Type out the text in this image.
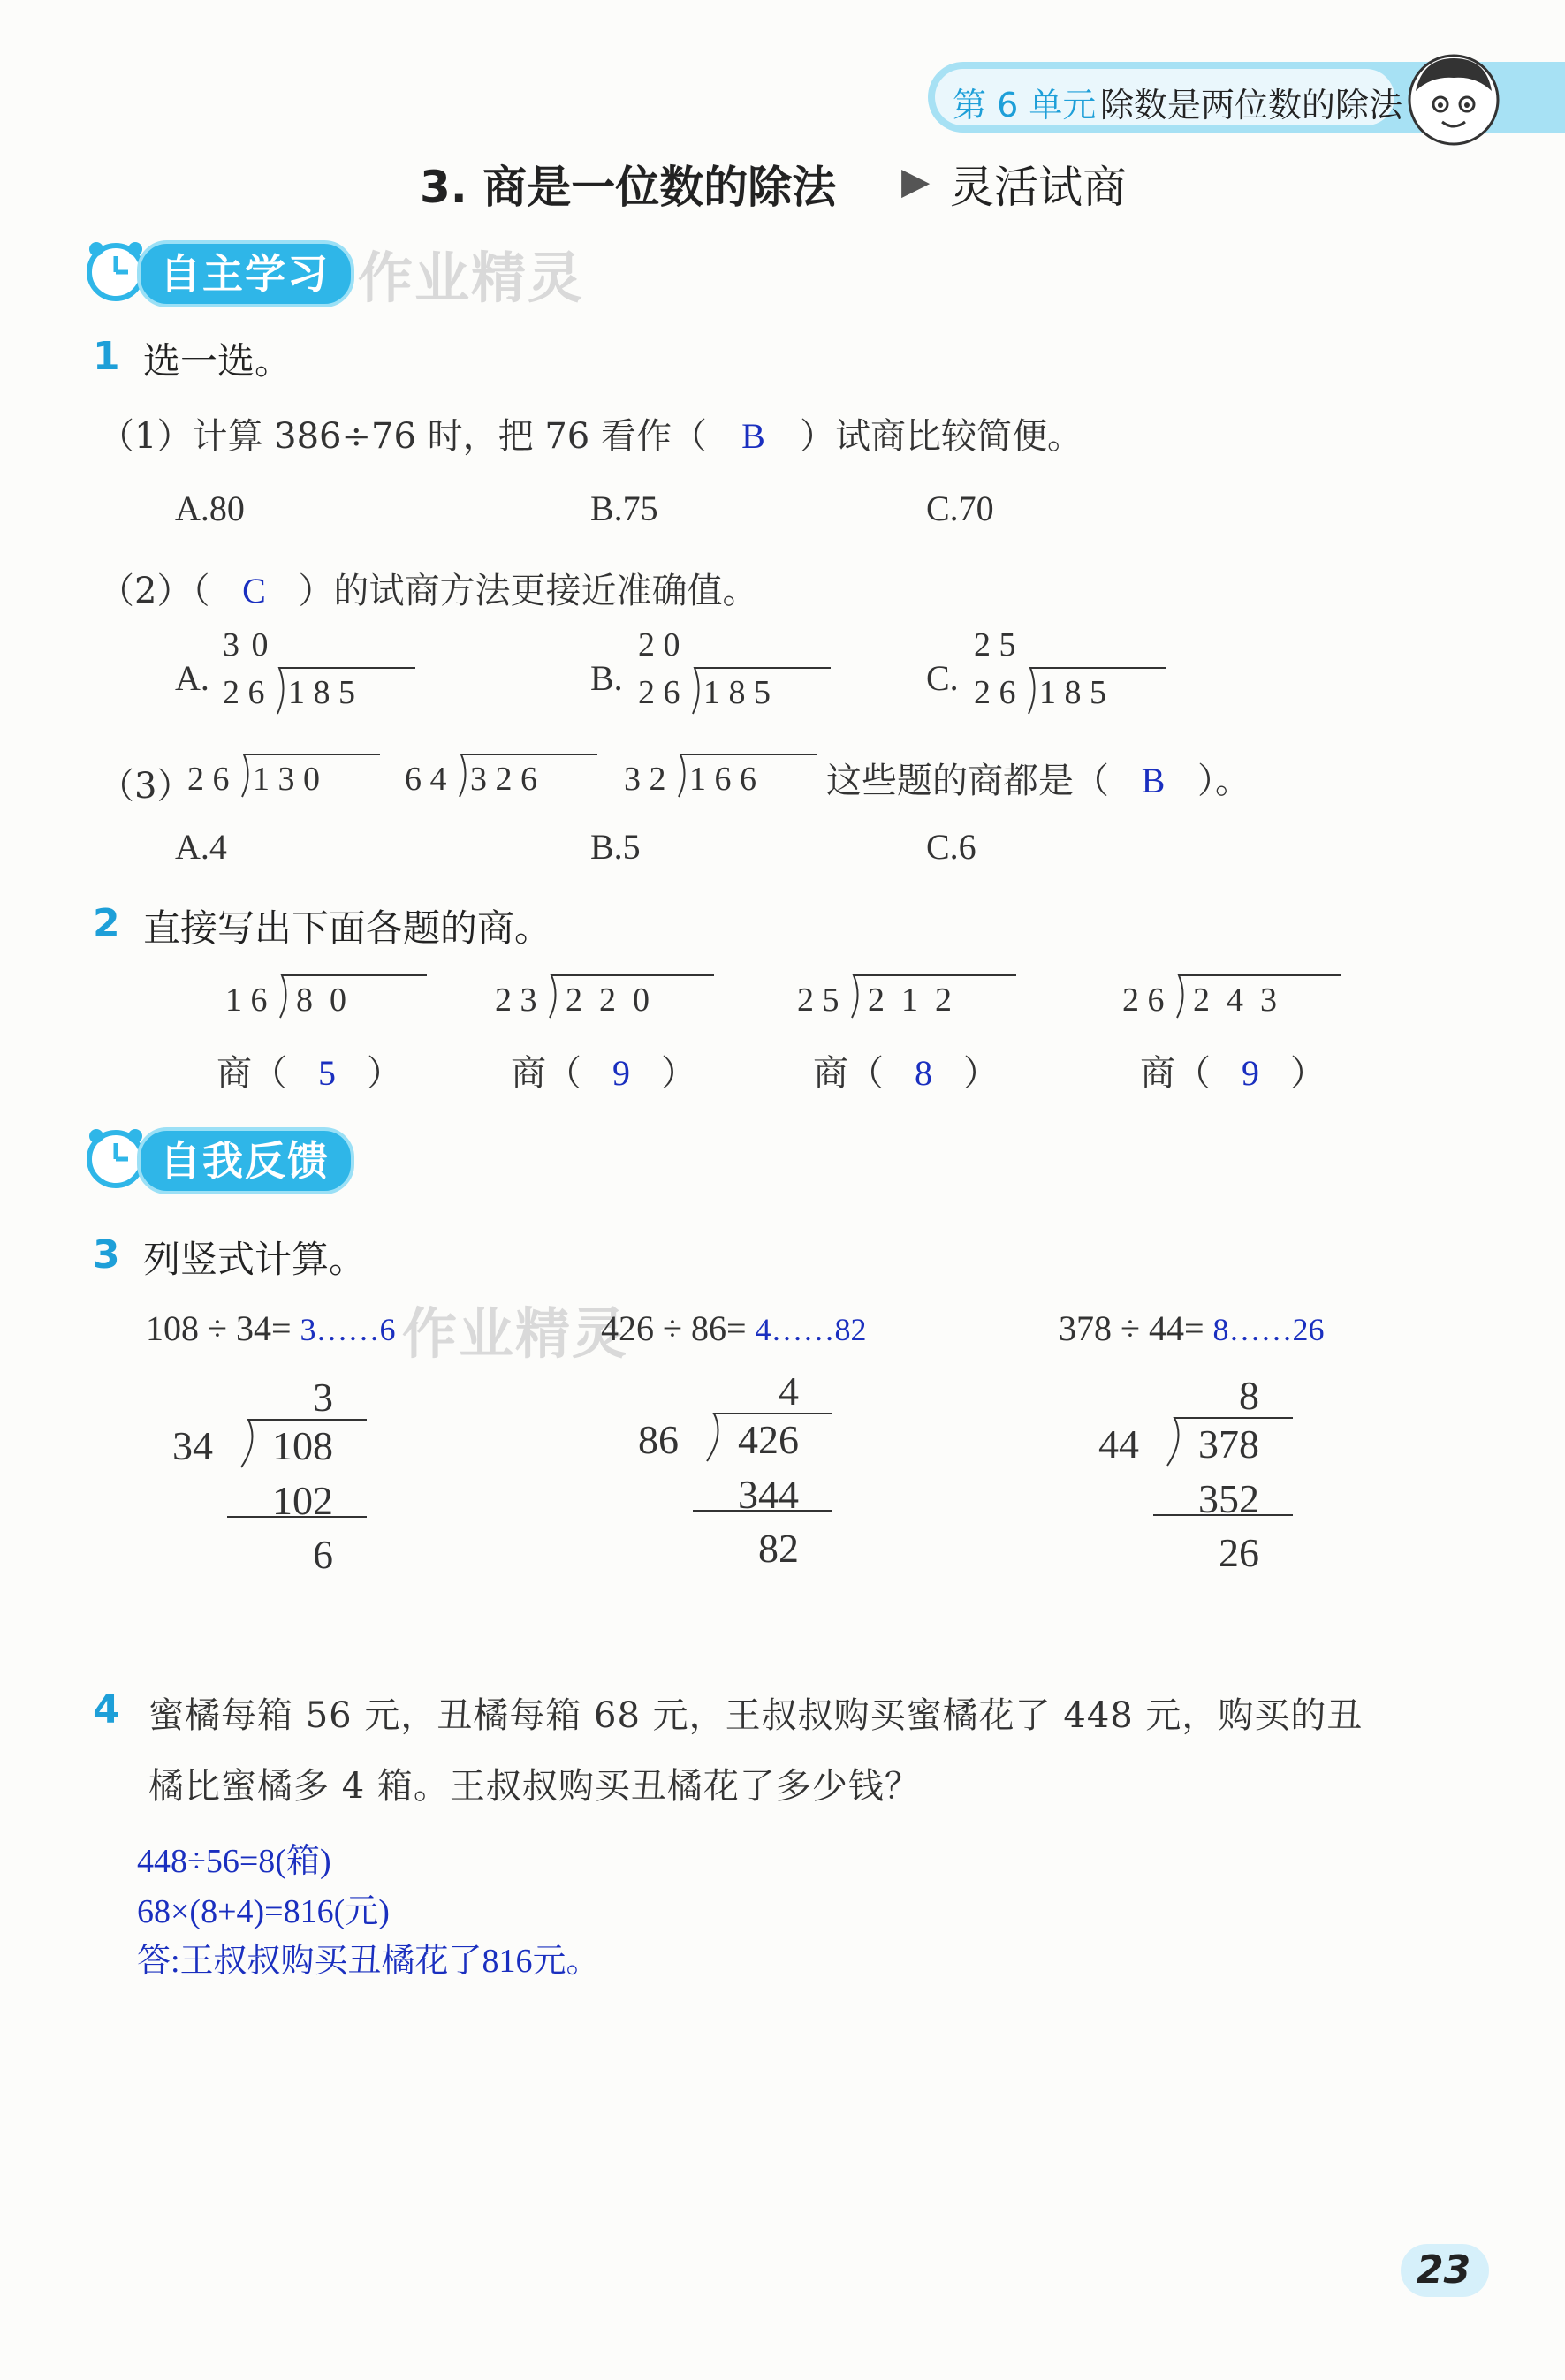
第 6 单元 除数是两位数的除法
3. 商是一位数的除法 ▶ 灵活试商
自主学习 作业精灵
1 选一选。
（1）计算 386÷76 时，把 76 看作（ B ）试商比较简便。
A.80	B.75	C.70
（2）（ C ）的试商方法更接近准确值。
A.
3 0
2 6 1 8 5	B.
2 0
2 6 1 8 5	C.
2 5
2 6 1 8 5
（3）
2 6 1 3 0	6 4 3 2 6	3 2 1 6 6 这些题的商都是（ B ）。
A.4	B.5	C.6
2 直接写出下面各题的商。
1 6 8  0	2 3 2  2  0	2 5 2  1  2	2 6 2  4  3
商（ 5 ）	商（ 9 ）	商（ 8 ）	商（ 9 ）
自我反馈
3 列竖式计算。
作业精灵
108 ÷ 34= 3……6	426 ÷ 86= 4……82	378 ÷ 44= 8……26
3
34 108
102
6
4
86 426
344
82
8
44 378
352
26
4 蜜橘每箱 56 元，丑橘每箱 68 元，王叔叔购买蜜橘花了 448 元，购买的丑
橘比蜜橘多 4 箱。王叔叔购买丑橘花了多少钱？
448÷56=8(箱)
68×(8+4)=816(元)
答:王叔叔购买丑橘花了816元。
23
